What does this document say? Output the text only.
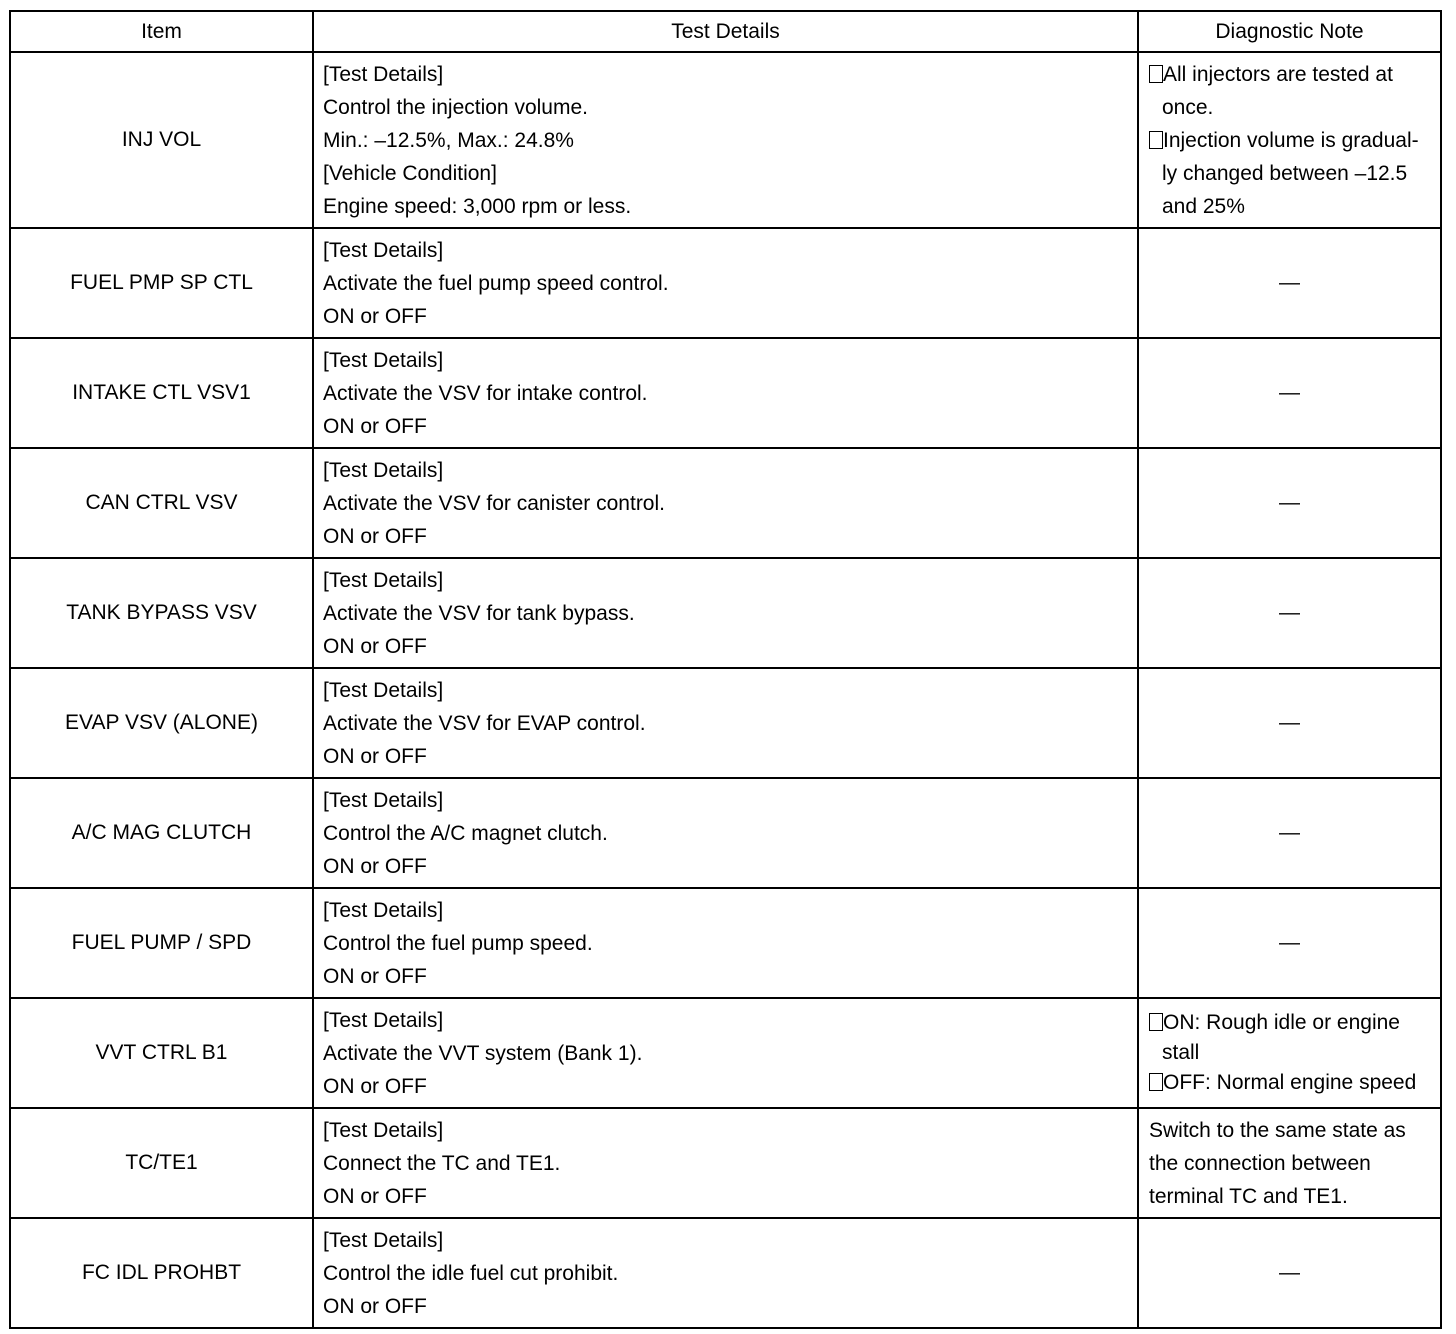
Item	Test Details	Diagnostic Note
INJ VOL	[Test Details]
Control the injection volume.
Min.: –12.5%, Max.: 24.8%
[Vehicle Condition]
Engine speed: 3,000 rpm or less.	All injectors are tested at
once.
Injection volume is gradual-
ly changed between –12.5
and 25%

FUEL PMP SP CTL	[Test Details]
Activate the fuel pump speed control.
ON or OFF	—
INTAKE CTL VSV1	[Test Details]
Activate the VSV for intake control.
ON or OFF	—
CAN CTRL VSV	[Test Details]
Activate the VSV for canister control.
ON or OFF	—
TANK BYPASS VSV	[Test Details]
Activate the VSV for tank bypass.
ON or OFF	—
EVAP VSV (ALONE)	[Test Details]
Activate the VSV for EVAP control.
ON or OFF	—
A/C MAG CLUTCH	[Test Details]
Control the A/C magnet clutch.
ON or OFF	—
FUEL PUMP / SPD	[Test Details]
Control the fuel pump speed.
ON or OFF	—
VVT CTRL B1	[Test Details]
Activate the VVT system (Bank 1).
ON or OFF	ON: Rough idle or engine
stall
OFF: Normal engine speed

TC/TE1	[Test Details]
Connect the TC and TE1.
ON or OFF	Switch to the same state as
the connection between
terminal TC and TE1.

FC IDL PROHBT	[Test Details]
Control the idle fuel cut prohibit.
ON or OFF	—
